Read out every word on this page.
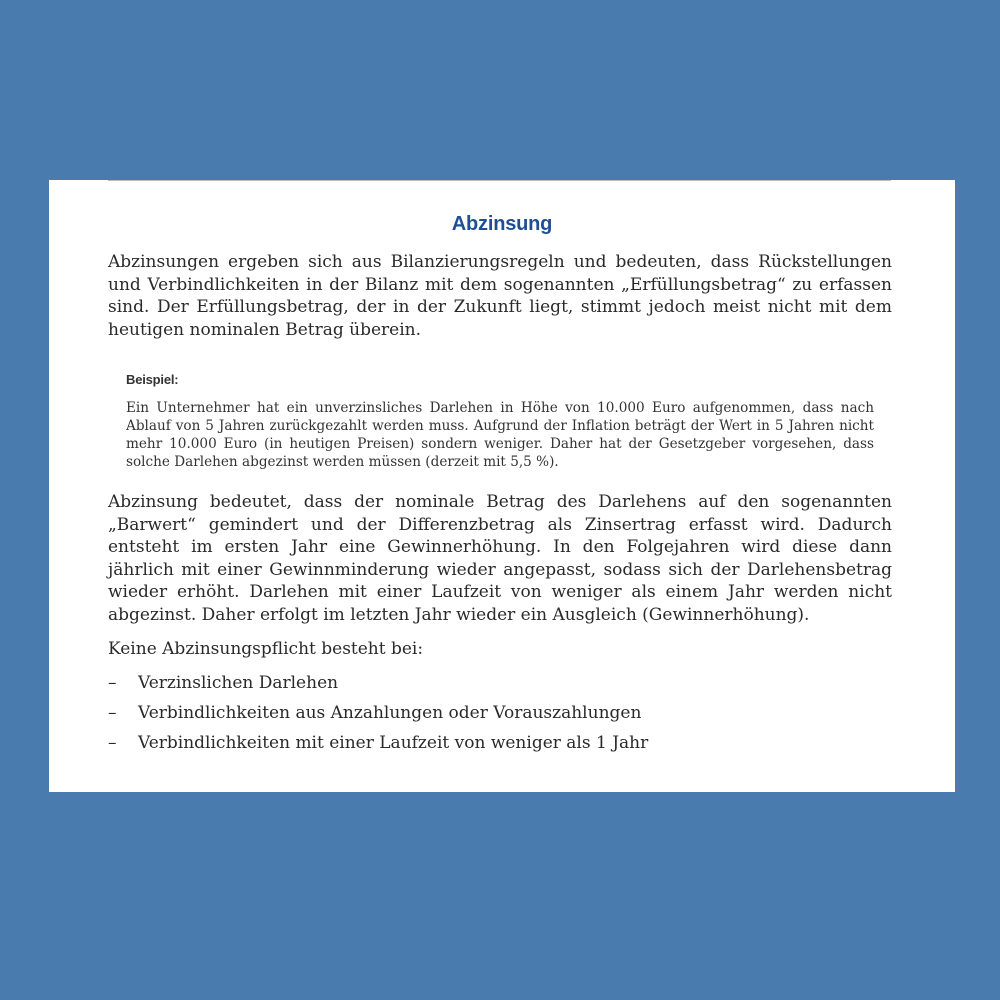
Abzinsung

Abzinsungen ergeben sich aus Bilanzierungsregeln und bedeuten, dass Rückstellungen und Verbindlichkeiten in der Bilanz mit dem sogenannten „Erfüllungsbetrag“ zu erfassen sind. Der Erfüllungsbetrag, der in der Zukunft liegt, stimmt jedoch meist nicht mit dem heutigen nominalen Betrag überein.

Beispiel:

Ein Unternehmer hat ein unverzinsliches Darlehen in Höhe von 10.000 Euro aufgenommen, dass nach Ablauf von 5 Jahren zurückgezahlt werden muss. Aufgrund der Inflation beträgt der Wert in 5 Jahren nicht mehr 10.000 Euro (in heutigen Preisen) sondern weniger. Daher hat der Gesetzgeber vorgesehen, dass solche Darlehen abgezinst werden müssen (derzeit mit 5,5 %).

Abzinsung bedeutet, dass der nominale Betrag des Darlehens auf den sogenannten „Barwert“ gemindert und der Differenzbetrag als Zinsertrag erfasst wird. Dadurch entsteht im ersten Jahr eine Gewinnerhöhung. In den Folgejahren wird diese dann jährlich mit einer Gewinnminderung wieder angepasst, sodass sich der Darlehensbetrag wieder erhöht. Darlehen mit einer Laufzeit von weniger als einem Jahr werden nicht abgezinst. Daher erfolgt im letzten Jahr wieder ein Ausgleich (Gewinnerhöhung).

Keine Abzinsungspflicht besteht bei:

– Verzinslichen Darlehen
– Verbindlichkeiten aus Anzahlungen oder Vorauszahlungen
– Verbindlichkeiten mit einer Laufzeit von weniger als 1 Jahr
